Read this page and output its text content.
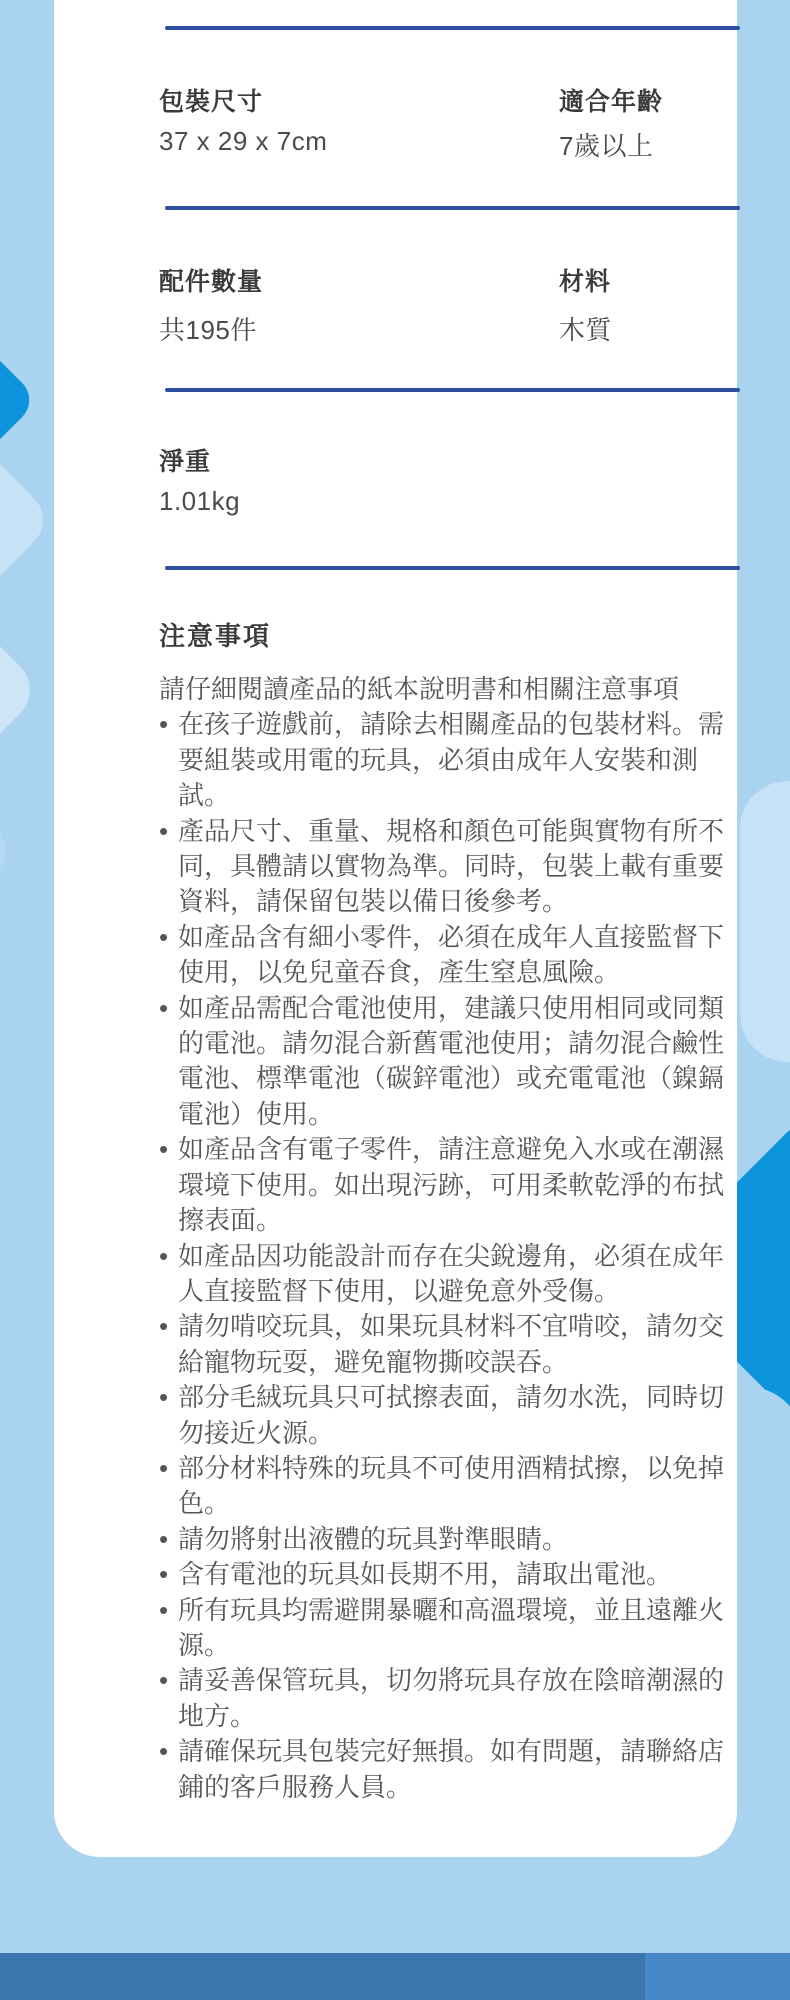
包裝尺寸
37 x 29 x 7cm
適合年齡
7歲以上
配件數量
共195件
材料
木質
淨重
1.01kg
注意事項

請仔細閱讀產品的紙本說明書和相關注意事項

• 在孩子遊戲前，請除去相關產品的包裝材料。需要組裝或用電的玩具，必須由成年人安裝和測試。
• 產品尺寸、重量、規格和顏色可能與實物有所不同，具體請以實物為準。同時，包裝上載有重要資料，請保留包裝以備日後參考。
• 如產品含有細小零件，必須在成年人直接監督下使用，以免兒童吞食，產生窒息風險。
• 如產品需配合電池使用，建議只使用相同或同類的電池。請勿混合新舊電池使用；請勿混合鹼性電池、標準電池（碳鋅電池）或充電電池（鎳鎘電池）使用。
• 如產品含有電子零件，請注意避免入水或在潮濕環境下使用。如出現污跡，可用柔軟乾淨的布拭擦表面。
• 如產品因功能設計而存在尖銳邊角，必須在成年人直接監督下使用，以避免意外受傷。
• 請勿啃咬玩具，如果玩具材料不宜啃咬，請勿交給寵物玩耍，避免寵物撕咬誤吞。
• 部分毛絨玩具只可拭擦表面，請勿水洗，同時切勿接近火源。
• 部分材料特殊的玩具不可使用酒精拭擦，以免掉色。
• 請勿將射出液體的玩具對準眼睛。
• 含有電池的玩具如長期不用，請取出電池。
• 所有玩具均需避開暴曬和高溫環境，並且遠離火源。
• 請妥善保管玩具，切勿將玩具存放在陰暗潮濕的地方。
• 請確保玩具包裝完好無損。如有問題，請聯絡店鋪的客戶服務人員。
